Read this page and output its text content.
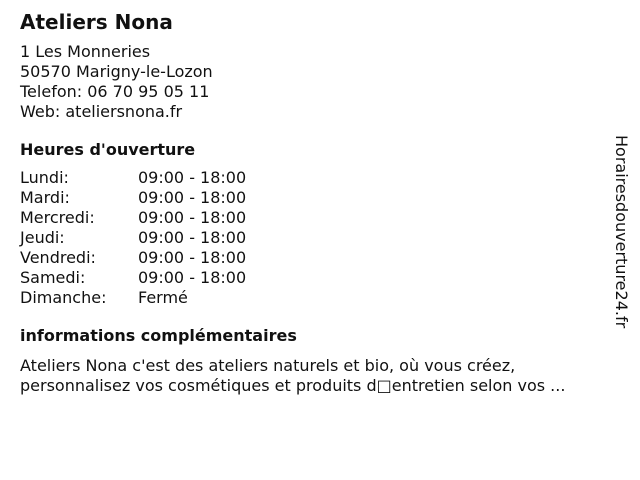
Ateliers Nona
1 Les Monneries
50570 Marigny-le-Lozon
Telefon: 06 70 95 05 11
Web: ateliersnona.fr
Heures d'ouverture
Lundi:	09:00 - 18:00
Mardi:	09:00 - 18:00
Mercredi:	09:00 - 18:00
Jeudi:	09:00 - 18:00
Vendredi:	09:00 - 18:00
Samedi:	09:00 - 18:00
Dimanche:	Fermé
informations complémentaires
Ateliers Nona c'est des ateliers naturels et bio, où vous créez,
personnalisez vos cosmétiques et produits d□entretien selon vos ...
Horairesdouverture24.fr
